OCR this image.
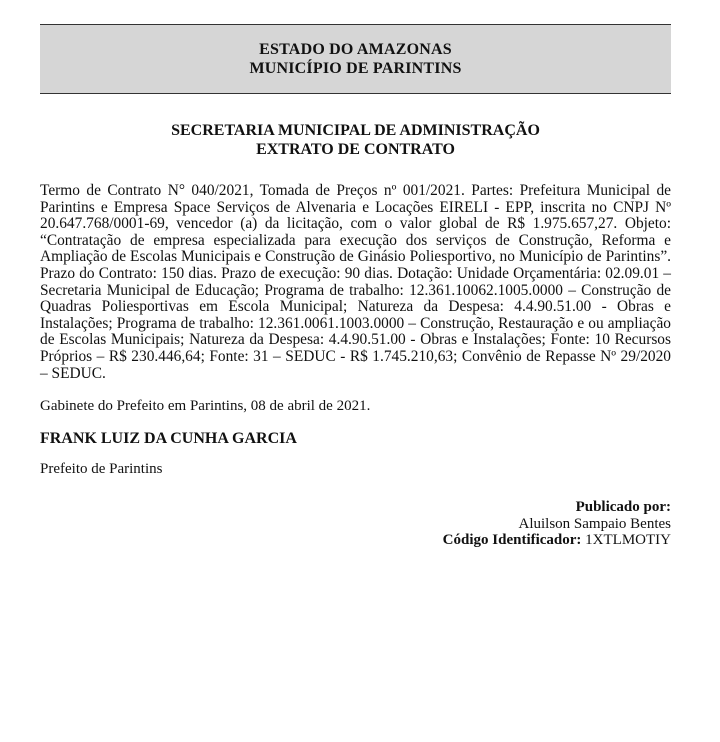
ESTADO DO AMAZONAS
MUNICÍPIO DE PARINTINS
SECRETARIA MUNICIPAL DE ADMINISTRAÇÃO
EXTRATO DE CONTRATO
Termo de Contrato N° 040/2021, Tomada de Preços nº 001/2021. Partes: Prefeitura Municipal de Parintins e Empresa Space Serviços de Alvenaria e Locações EIRELI - EPP, inscrita no CNPJ Nº 20.647.768/0001-69, vencedor (a) da licitação, com o valor global de R$ 1.975.657,27. Objeto: “Contratação de empresa especializada para execução dos serviços de Construção, Reforma e Ampliação de Escolas Municipais e Construção de Ginásio Poliesportivo, no Município de Parintins”. Prazo do Contrato: 150 dias. Prazo de execução: 90 dias. Dotação: Unidade Orçamentária: 02.09.01 – Secretaria Municipal de Educação; Programa de trabalho: 12.361.10062.1005.0000 – Construção de Quadras Poliesportivas em Escola Municipal; Natureza da Despesa: 4.4.90.51.00 - Obras e Instalações; Programa de trabalho: 12.361.0061.1003.0000 – Construção, Restauração e ou ampliação de Escolas Municipais; Natureza da Despesa: 4.4.90.51.00 - Obras e Instalações; Fonte: 10 Recursos Próprios – R$ 230.446,64; Fonte: 31 – SEDUC - R$ 1.745.210,63; Convênio de Repasse Nº 29/2020 – SEDUC.
Gabinete do Prefeito em Parintins, 08 de abril de 2021.
FRANK LUIZ DA CUNHA GARCIA
Prefeito de Parintins
Publicado por:
Aluilson Sampaio Bentes
Código Identificador: 1XTLMOTIY
